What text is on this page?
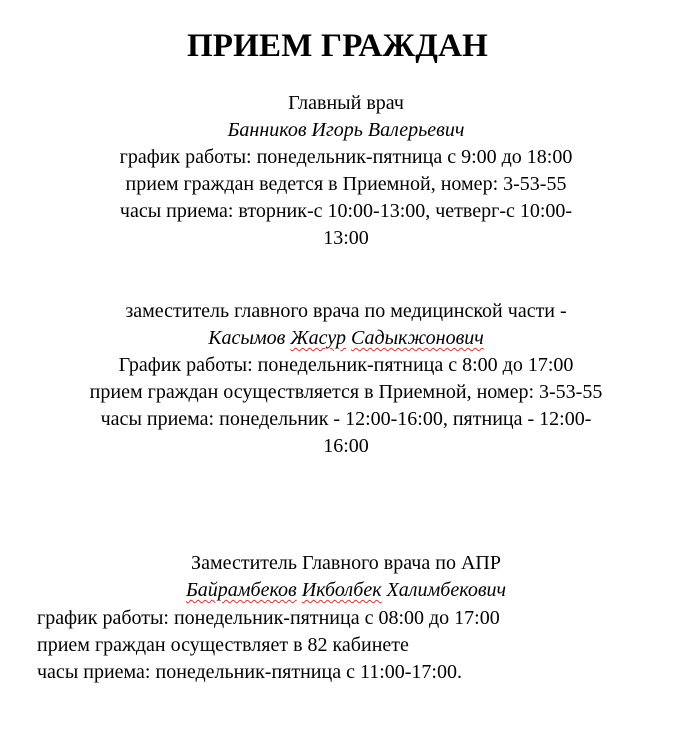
ПРИЕМ ГРАЖДАН
Главный врач
Банников Игорь Валерьевич
график работы: понедельник-пятница с 9:00 до 18:00
прием граждан ведется в Приемной, номер: 3-53-55
часы приема: вторник-с 10:00-13:00, четверг-с 10:00-
13:00
заместитель главного врача по медицинской части -
Касымов Жасур Садыкжонович
График работы: понедельник-пятница с 8:00 до 17:00
прием граждан осуществляется в Приемной, номер: 3-53-55
часы приема: понедельник - 12:00-16:00, пятница - 12:00-
16:00
Заместитель Главного врача по АПР
Байрамбеков Икболбек Халимбекович
график работы: понедельник-пятница с 08:00 до 17:00
прием граждан осуществляет в 82 кабинете
часы приема: понедельник-пятница с 11:00-17:00.
